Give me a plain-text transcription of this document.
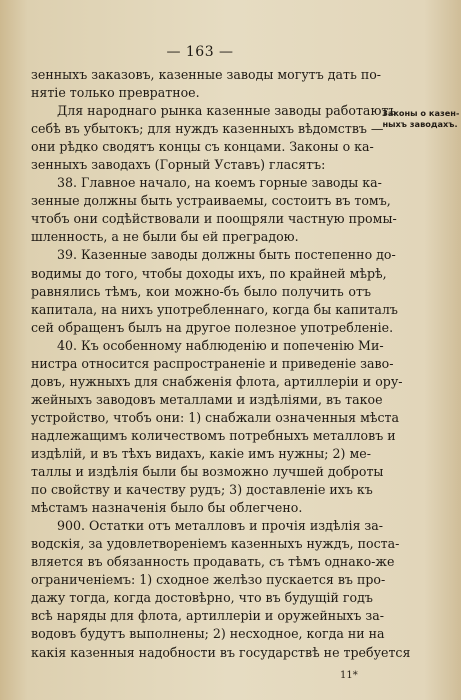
— 163 —
зенныхъ заказовъ, казенные заводы могутъ дать по-
нятіе только превратное.
Для народнаго рынка казенные заводы работаютъ
себѣ въ убытокъ; для нуждъ казенныхъ вѣдомствъ —
они рѣдко сводятъ концы съ концами. Законы о ка-
зенныхъ заводахъ (Горный Уставъ) гласятъ:
38. Главное начало, на коемъ горные заводы ка-
зенные должны быть устраиваемы, состоитъ въ томъ,
чтобъ они содѣйствовали и поощряли частную промы-
шленность, а не были бы ей преградою.
39. Казенные заводы должны быть постепенно до-
водимы до того, чтобы доходы ихъ, по крайней мѣрѣ,
равнялись тѣмъ, кои можно-бъ было получить отъ
капитала, на нихъ употребленнаго, когда бы капиталъ
сей обращенъ былъ на другое полезное употребленіе.
40. Къ особенному наблюденію и попеченію Ми-
нистра относится распространеніе и приведеніе заво-
довъ, нужныхъ для снабженія флота, артиллеріи и ору-
жейныхъ заводовъ металлами и издѣліями, въ такое
устройство, чтобъ они: 1) снабжали означенныя мѣста
надлежащимъ количествомъ потребныхъ металловъ и
издѣлій, и въ тѣхъ видахъ, какіе имъ нужны; 2) ме-
таллы и издѣлія были бы возможно лучшей доброты
по свойству и качеству рудъ; 3) доставленіе ихъ къ
мѣстамъ назначенія было бы облегчено.
900. Остатки отъ металловъ и прочія издѣлія за-
водскія, за удовлетвореніемъ казенныхъ нуждъ, поста-
вляется въ обязанность продавать, съ тѣмъ однако-же
ограниченіемъ: 1) сходное желѣзо пускается въ про-
дажу тогда, когда достовѣрно, что въ будущій годъ
всѣ наряды для флота, артиллеріи и оружейныхъ за-
водовъ будутъ выполнены; 2) несходное, когда ни на
какія казенныя надобности въ государствѣ не требуется
Законы о казен-
ныхъ заводахъ.
11*
